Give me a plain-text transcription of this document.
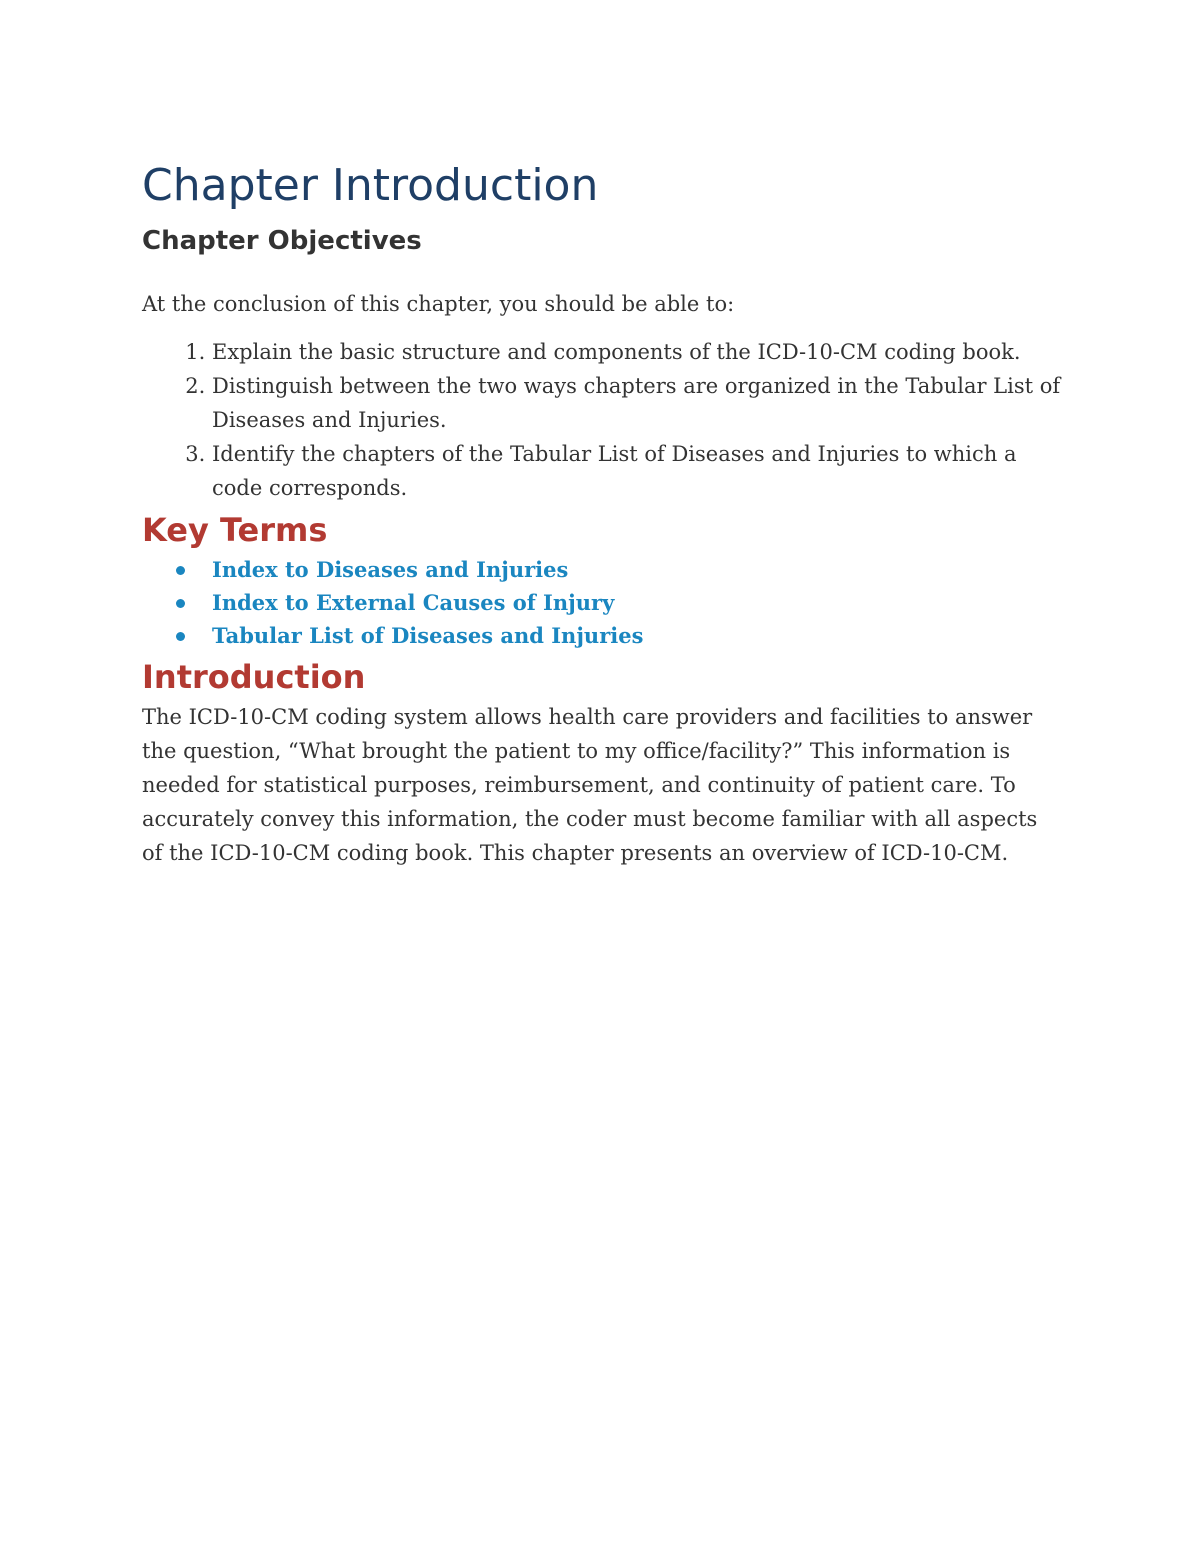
Chapter Introduction
Chapter Objectives

At the conclusion of this chapter, you should be able to:

1. Explain the basic structure and components of the ICD-10-CM coding book.
2. Distinguish between the two ways chapters are organized in the Tabular List of Diseases and Injuries.
3. Identify the chapters of the Tabular List of Diseases and Injuries to which a code corresponds.
Key Terms
Index to Diseases and Injuries
Index to External Causes of Injury
Tabular List of Diseases and Injuries
Introduction

The ICD-10-CM coding system allows health care providers and facilities to answer the question, “What brought the patient to my office/facility?” This information is needed for statistical purposes, reimbursement, and continuity of patient care. To accurately convey this information, the coder must become familiar with all aspects of the ICD-10-CM coding book. This chapter presents an overview of ICD-10-CM.
